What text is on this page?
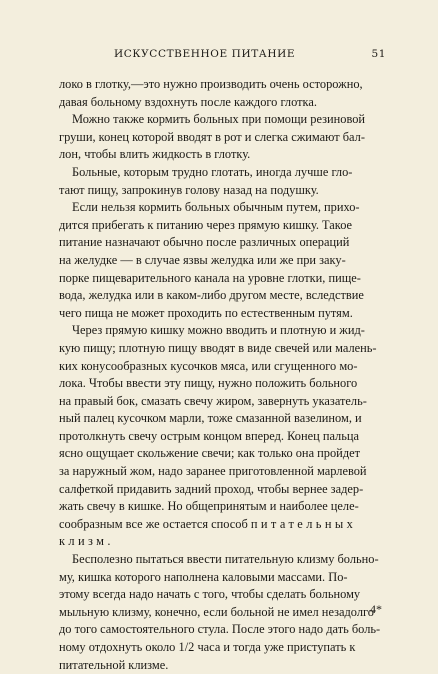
ИСКУССТВЕННОЕ ПИТАНИЕ	51

локо в глотку,—это нужно производить очень осторожно,
давая больному вздохнуть после каждого глотка.

Можно также кормить больных при помощи резиновой
груши, конец которой вводят в рот и слегка сжимают бал-
лон, чтобы влить жидкость в глотку.

Больные, которым трудно глотать, иногда лучше гло-
тают пищу, запрокинув голову назад на подушку.

Если нельзя кормить больных обычным путем, прихо-
дится прибегать к питанию через прямую кишку. Такое
питание назначают обычно после различных операций
на желудке — в случае язвы желудка или же при заку-
порке пищеварительного канала на уровне глотки, пище-
вода, желудка или в каком-либо другом месте, вследствие
чего пища не может проходить по естественным путям.

Через прямую кишку можно вводить и плотную и жид-
кую пищу; плотную пищу вводят в виде свечей или малень-
ких конусообразных кусочков мяса, или сгущенного мо-
лока. Чтобы ввести эту пищу, нужно положить больного
на правый бок, смазать свечу жиром, завернуть указатель-
ный палец кусочком марли, тоже смазанной вазелином, и
протолкнуть свечу острым концом вперед. Конец пальца
ясно ощущает скольжение свечи; как только она пройдет
за наружный жом, надо заранее приготовленной марлевой
салфеткой придавить задний проход, чтобы вернее задер-
жать свечу в кишке. Но общепринятым и наиболее целе-
сообразным все же остается способ питательных
клизм.

Бесполезно пытаться ввести питательную клизму больно-
му, кишка которого наполнена каловыми массами. По-
этому всегда надо начать с того, чтобы сделать больному
мыльную клизму, конечно, если больной не имел незадолго
до того самостоятельного стула. После этого надо дать боль-
ному отдохнуть около 1/2 часа и тогда уже приступать к
питательной клизме.

4*
